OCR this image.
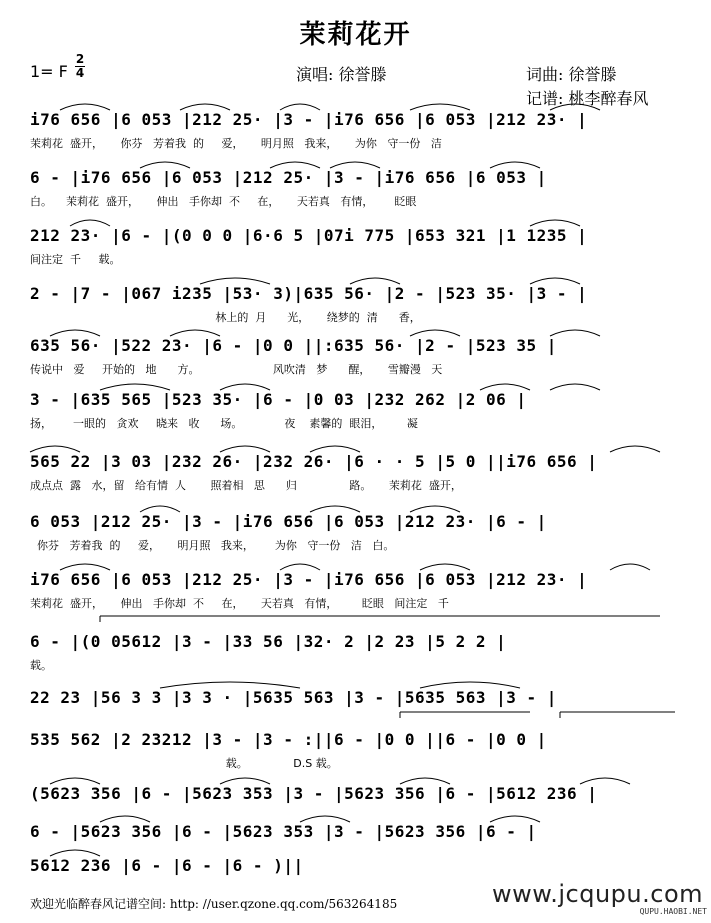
茉莉花开
1= F
2
4	演唱: 徐誉滕	词曲: 徐誉滕
记谱: 桃李醉春风
i76 656 |6 053 |212 25· |3 - |i76 656 |6 053 |212 23· |
茉莉花  盛开，     你芬   芳着我  的     爱，     明月照   我来，     为你   守一份   洁
6 - |i76 656 |6 053 |212 25· |3 - |i76 656 |6 053 |
白。    茉莉花  盛开，     伸出   手你却  不     在，     天若真   有情，      眨眼
212 23· |6 - |(0 0 0 |6·6 5 |07i 775 |653 321 |1 1235 |
间注定  千     载。
2 - |7 - |067 i235 |53· 3)|635 56· |2 - |523 35· |3 - |
林上的  月      光，     绕梦的  清      香，
635 56· |522 23· |6 - |0 0 ||:635 56· |2 - |523 35 |
传说中   爱     开始的   地      方。                     风吹清   梦      醒，     雪瓣漫   天
3 - |635 565 |523 35· |6 - |0 03 |232 262 |2 06 |
扬，      一眼的   贪欢     晓来   收      场。            夜    素馨的  眼泪，       凝
565 22 |3 03 |232 26· |232 26· |6 · · 5 |5 0 ||i76 656 |
成点点  露   水，留   给有情  人       照着相   思      归               路。     茉莉花  盛开，
6 053 |212 25· |3 - |i76 656 |6 053 |212 23· |6 - |
你芬   芳着我  的     爱，     明月照   我来，      为你   守一份   洁   白。
i76 656 |6 053 |212 25· |3 - |i76 656 |6 053 |212 23· |
茉莉花  盛开，     伸出   手你却  不     在，     天若真   有情，       眨眼   间注定   千
6 - |(0 05612 |3 - |33 56 |32· 2 |2 23 |5 2 2 |
载。
22 23 |56 3 3 |3 3 · |5635 563 |3 - |5635 563 |3 - |
535 562 |2 23212 |3 - |3 - :||6 - |0 0 ||6 - |0 0 |
载。             D.S 载。
(5623 356 |6 - |5623 353 |3 - |5623 356 |6 - |5612 236 |
6 - |5623 356 |6 - |5623 353 |3 - |5623 356 |6 - |
5612 236 |6 - |6 - |6 - )||
欢迎光临醉春风记谱空间: http: //user.qzone.qq.com/563264185	www.jcqupu.com
QUPU.HAOBI.NET
